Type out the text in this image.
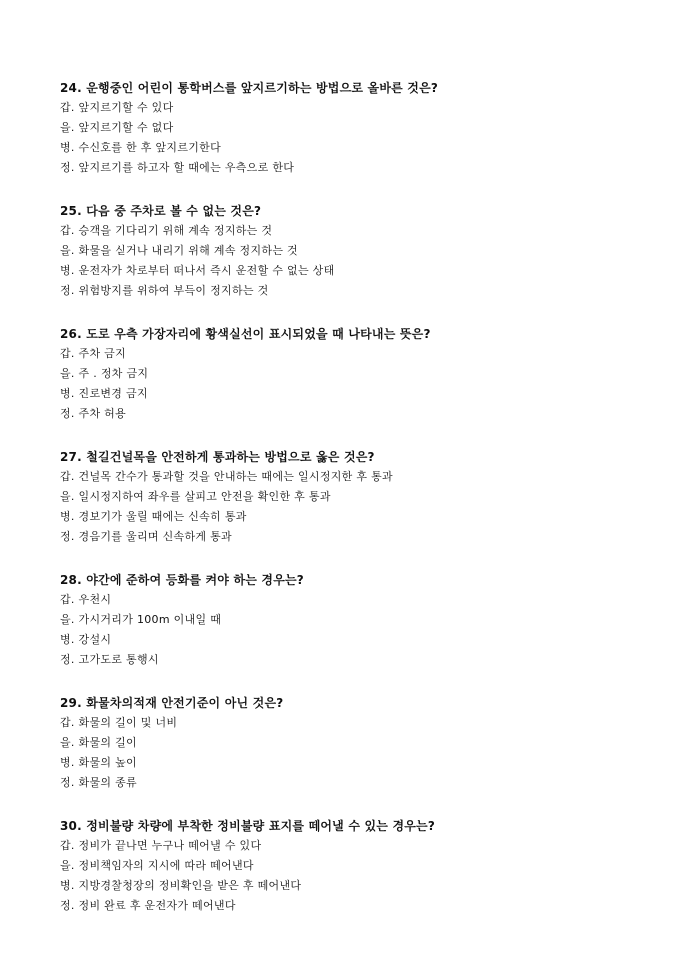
24. 운행중인 어린이 통학버스를 앞지르기하는 방법으로 올바른 것은?
갑. 앞지르기할 수 있다
을. 앞지르기할 수 없다
병. 수신호를 한 후 앞지르기한다
정. 앞지르기를 하고자 할 때에는 우측으로 한다
25. 다음 중 주차로 볼 수 없는 것은?
갑. 승객을 기다리기 위해 계속 정지하는 것
을. 화물을 싣거나 내리기 위해 계속 정지하는 것
병. 운전자가 차로부터 떠나서 즉시 운전할 수 없는 상태
정. 위험방지를 위하여 부득이 정지하는 것
26. 도로 우측 가장자리에 황색실선이 표시되었을 때 나타내는 뜻은?
갑. 주차 금지
을. 주 . 정차 금지
병. 진로변경 금지
정. 주차 허용
27. 철길건널목을 안전하게 통과하는 방법으로 옳은 것은?
갑. 건널목 간수가 통과할 것을 안내하는 때에는 일시정지한 후 통과
을. 일시정지하여 좌우를 살피고 안전을 확인한 후 통과
병. 경보기가 울릴 때에는 신속히 통과
정. 경음기를 울리며 신속하게 통과
28. 야간에 준하여 등화를 켜야 하는 경우는?
갑. 우천시
을. 가시거리가 100m 이내일 때
병. 강설시
정. 고가도로 통행시
29. 화물차의적재 안전기준이 아닌 것은?
갑. 화물의 길이 및 너비
을. 화물의 길이
병. 화물의 높이
정. 화물의 종류
30. 정비불량 차량에 부착한 정비불량 표지를 떼어낼 수 있는 경우는?
갑. 정비가 끝나면 누구나 떼어낼 수 있다
을. 정비책임자의 지시에 따라 떼어낸다
병. 지방경찰청장의 정비확인을 받은 후 떼어낸다
정. 정비 완료 후 운전자가 떼어낸다
